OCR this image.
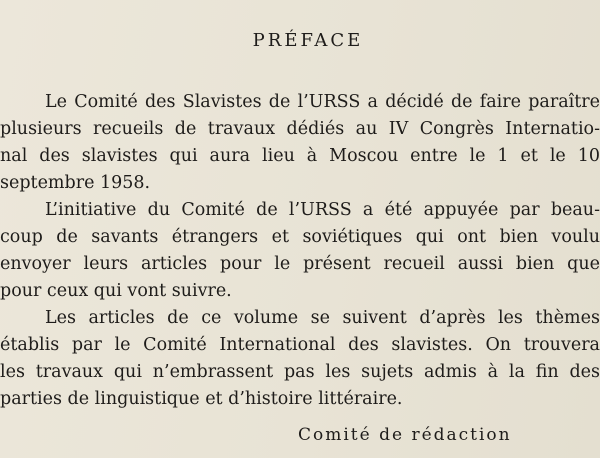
PRÉFACE
Le Comité des Slavistes de l’URSS a décidé de faire paraître
plusieurs recueils de travaux dédiés au IV Congrès Internatio-
nal des slavistes qui aura lieu à Moscou entre le 1 et le 10
septembre 1958.
L’initiative du Comité de l’URSS a été appuyée par beau-
coup de savants étrangers et soviétiques qui ont bien voulu
envoyer leurs articles pour le présent recueil aussi bien que
pour ceux qui vont suivre.
Les articles de ce volume se suivent d’après les thèmes
établis par le Comité International des slavistes. On trouvera
les travaux qui n’embrassent pas les sujets admis à la fin des
parties de linguistique et d’histoire littéraire.
Comité de rédaction
